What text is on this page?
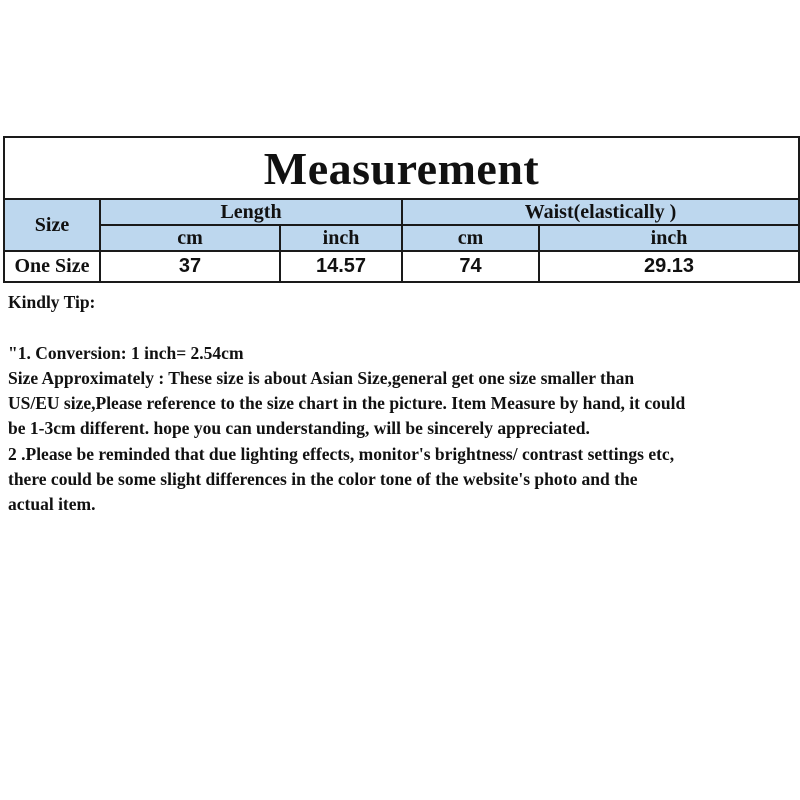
Measurement				
Size	Length		Waist(elastically )	
	cm	inch	cm	inch
One Size	37	14.57	74	29.13

Kindly Tip:

"1. Conversion: 1 inch= 2.54cm

Size Approximately : These size is about Asian Size,general get one size smaller than

US/EU size,Please reference to the size chart in the picture. Item Measure by hand, it could

be 1-3cm different. hope you can understanding, will be sincerely appreciated.

2 .Please be reminded that due lighting effects, monitor's brightness/ contrast settings etc,

there could be some slight differences in the color tone of the website's photo and the

actual item.
